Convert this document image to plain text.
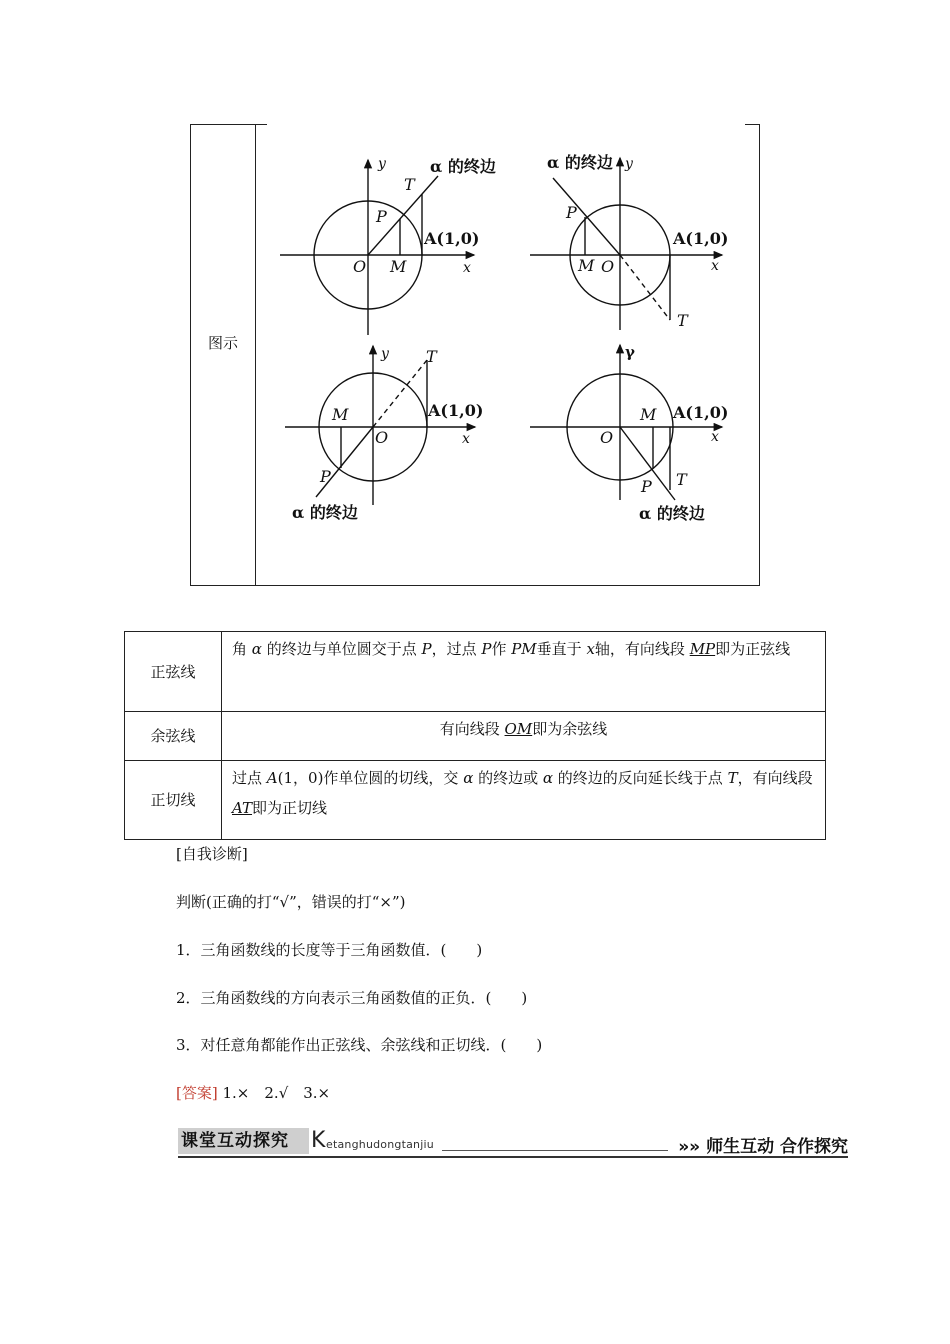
图示
α 的终边
y
x
T
P
A(1,0)
O M
α 的终边 y
x
P
A(1,0)
M O
T
y T
A(1,0)
M
O	x
P
α 的终边
γ
M A(1,0)
O	x
T
P
α 的终边
正弦线	角 α 的终边与单位圆交于点 P，过点 P作 PM垂直于 x轴，有向线段 MP即为正弦线
余弦线	有向线段 OM即为余弦线
正切线	过点 A(1，0)作单位圆的切线，交 α 的终边或 α 的终边的反向延长线于点 T，有向线段 AT即为正切线
[自我诊断]
判断(正确的打“√”，错误的打“×”)
1．三角函数线的长度等于三角函数值．(　　)
2．三角函数线的方向表示三角函数值的正负．(　　)
3．对任意角都能作出正弦线、余弦线和正切线．(　　)
[答案] 1.×　2.√　3.×
课堂互动探究	K etanghudongtanjiu	»» 师生互动 合作探究
